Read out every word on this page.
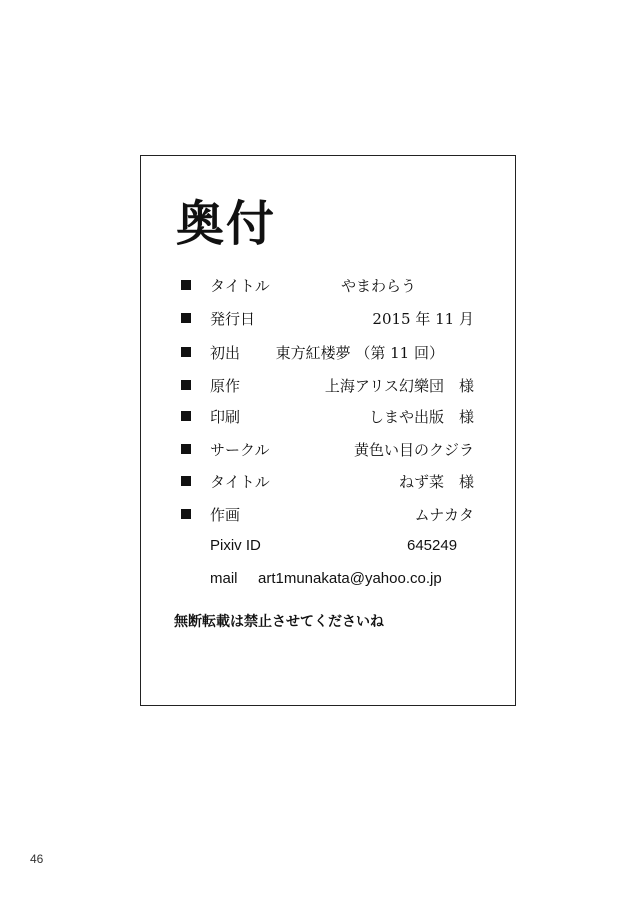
奥付
タイトル	やまわらう
発行日	2015 年 11 月
初出 東方紅楼夢 （第 11 回）
原作	上海アリス幻樂団　様
印刷	しまや出版　様
サークル	黄色い目のクジラ
タイトル	ねず菜　様
作画	ムナカタ
Pixiv ID	645249
mail art1munakata@yahoo.co.jp
無断転載は禁止させてくださいね
46
